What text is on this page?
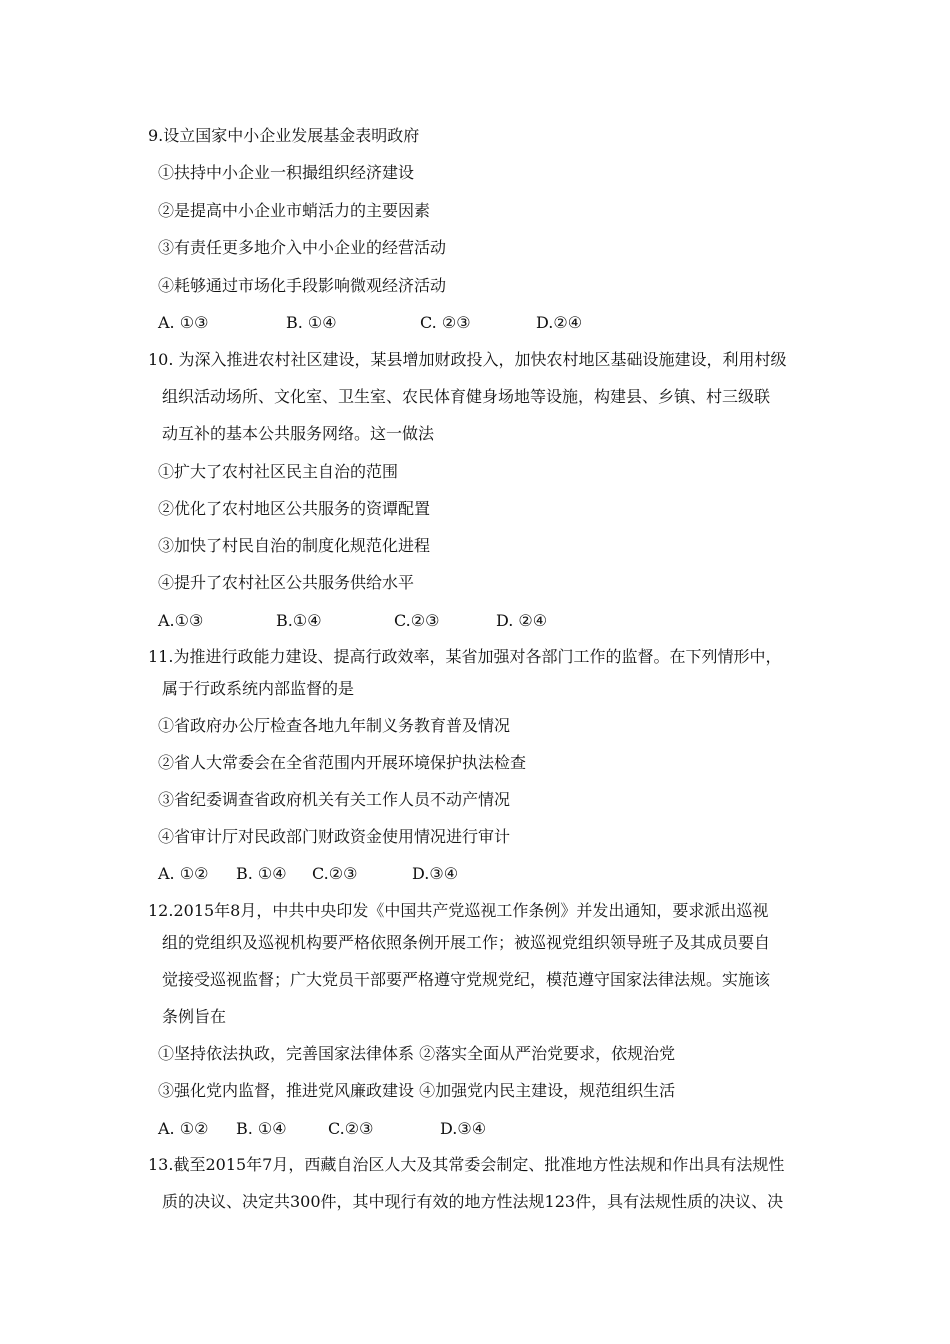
9.设立国家中小企业发展基金表明政府
①扶持中小企业一积撮组织经济建设
②是提高中小企业市蛸活力的主要因素
③有责任更多地介入中小企业的经营活动
④耗够通过市场化手段影响微观经济活动
A. ①③	B. ①④	C. ②③	D.②④
10. 为深入推进农村社区建设，某县增加财政投入，加快农村地区基础设施建设，利用村级
组织活动场所、文化室、卫生室、农民体育健身场地等设施，构建县、乡镇、村三级联
动互补的基本公共服务网络。这一做法
①扩大了农村社区民主自治的范围
②优化了农村地区公共服务的资谭配置
③加快了村民自治的制度化规范化进程
④提升了农村社区公共服务供给水平
A.①③	B.①④	C.②③	D. ②④
11.为推进行政能力建设、提高行政效率，某省加强对各部门工作的监督。在下列情形中，
属于行政系统内部监督的是
①省政府办公厅检查各地九年制义务教育普及情况
②省人大常委会在全省范围内开展环境保护执法检查
③省纪委调查省政府机关有关工作人员不动产情况
④省审计厅对民政部门财政资金使用情况进行审计
A. ①② B. ①④ C.②③	D.③④
12.2015年8月，中共中央印发《中国共产党巡视工作条例》并发出通知，要求派出巡视
组的党组织及巡视机构要严格依照条例开展工作；被巡视党组织领导班子及其成员要自
觉接受巡视监督；广大党员干部要严格遵守党规党纪，模范遵守国家法律法规。实施该
条例旨在
①坚持依法执政，完善国家法律体系 ②落实全面从严治党要求，依规治党
③强化党内监督，推进党风廉政建设 ④加强党内民主建设，规范组织生活
A. ①② B. ①④	C.②③	D.③④
13.截至2015年7月，西藏自治区人大及其常委会制定、批准地方性法规和作出具有法规性
质的决议、决定共300件，其中现行有效的地方性法规123件，具有法规性质的决议、决
